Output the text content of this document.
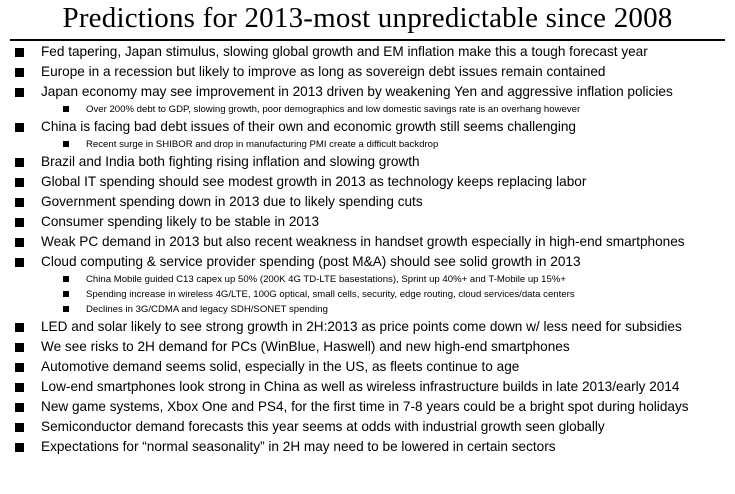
Predictions for 2013-most unpredictable since 2008
Fed tapering, Japan stimulus, slowing global growth and EM inflation make this a tough forecast year
Europe in a recession but likely to improve as long as sovereign debt issues remain contained
Japan economy may see improvement in 2013 driven by weakening Yen and aggressive inflation policies
Over 200% debt to GDP, slowing growth, poor demographics and low domestic savings rate is an overhang however
China is facing bad debt issues of their own and economic growth still seems challenging
Recent surge in SHIBOR and drop in manufacturing PMI create a difficult backdrop
Brazil and India both fighting rising inflation and slowing growth
Global IT spending should see modest growth in 2013 as technology keeps replacing labor
Government spending down in 2013 due to likely spending cuts
Consumer spending likely to be stable in 2013
Weak PC demand in 2013 but also recent weakness in handset growth especially in high-end smartphones
Cloud computing & service provider spending (post M&A) should see solid growth in 2013
China Mobile guided C13 capex up 50% (200K 4G TD-LTE basestations), Sprint up 40%+ and T-Mobile up 15%+
Spending increase in wireless 4G/LTE, 100G optical, small cells, security, edge routing, cloud services/data centers
Declines in 3G/CDMA and legacy SDH/SONET spending
LED and solar likely to see strong growth in 2H:2013 as price points come down w/ less need for subsidies
We see risks to 2H demand for PCs (WinBlue, Haswell) and new high-end smartphones
Automotive demand seems solid, especially in the US, as fleets continue to age
Low-end smartphones look strong in China as well as wireless infrastructure builds in late 2013/early 2014
New game systems, Xbox One and PS4, for the first time in 7-8 years could be a bright spot during holidays
Semiconductor demand forecasts this year seems at odds with industrial growth seen globally
Expectations for “normal seasonality” in 2H may need to be lowered in certain sectors
